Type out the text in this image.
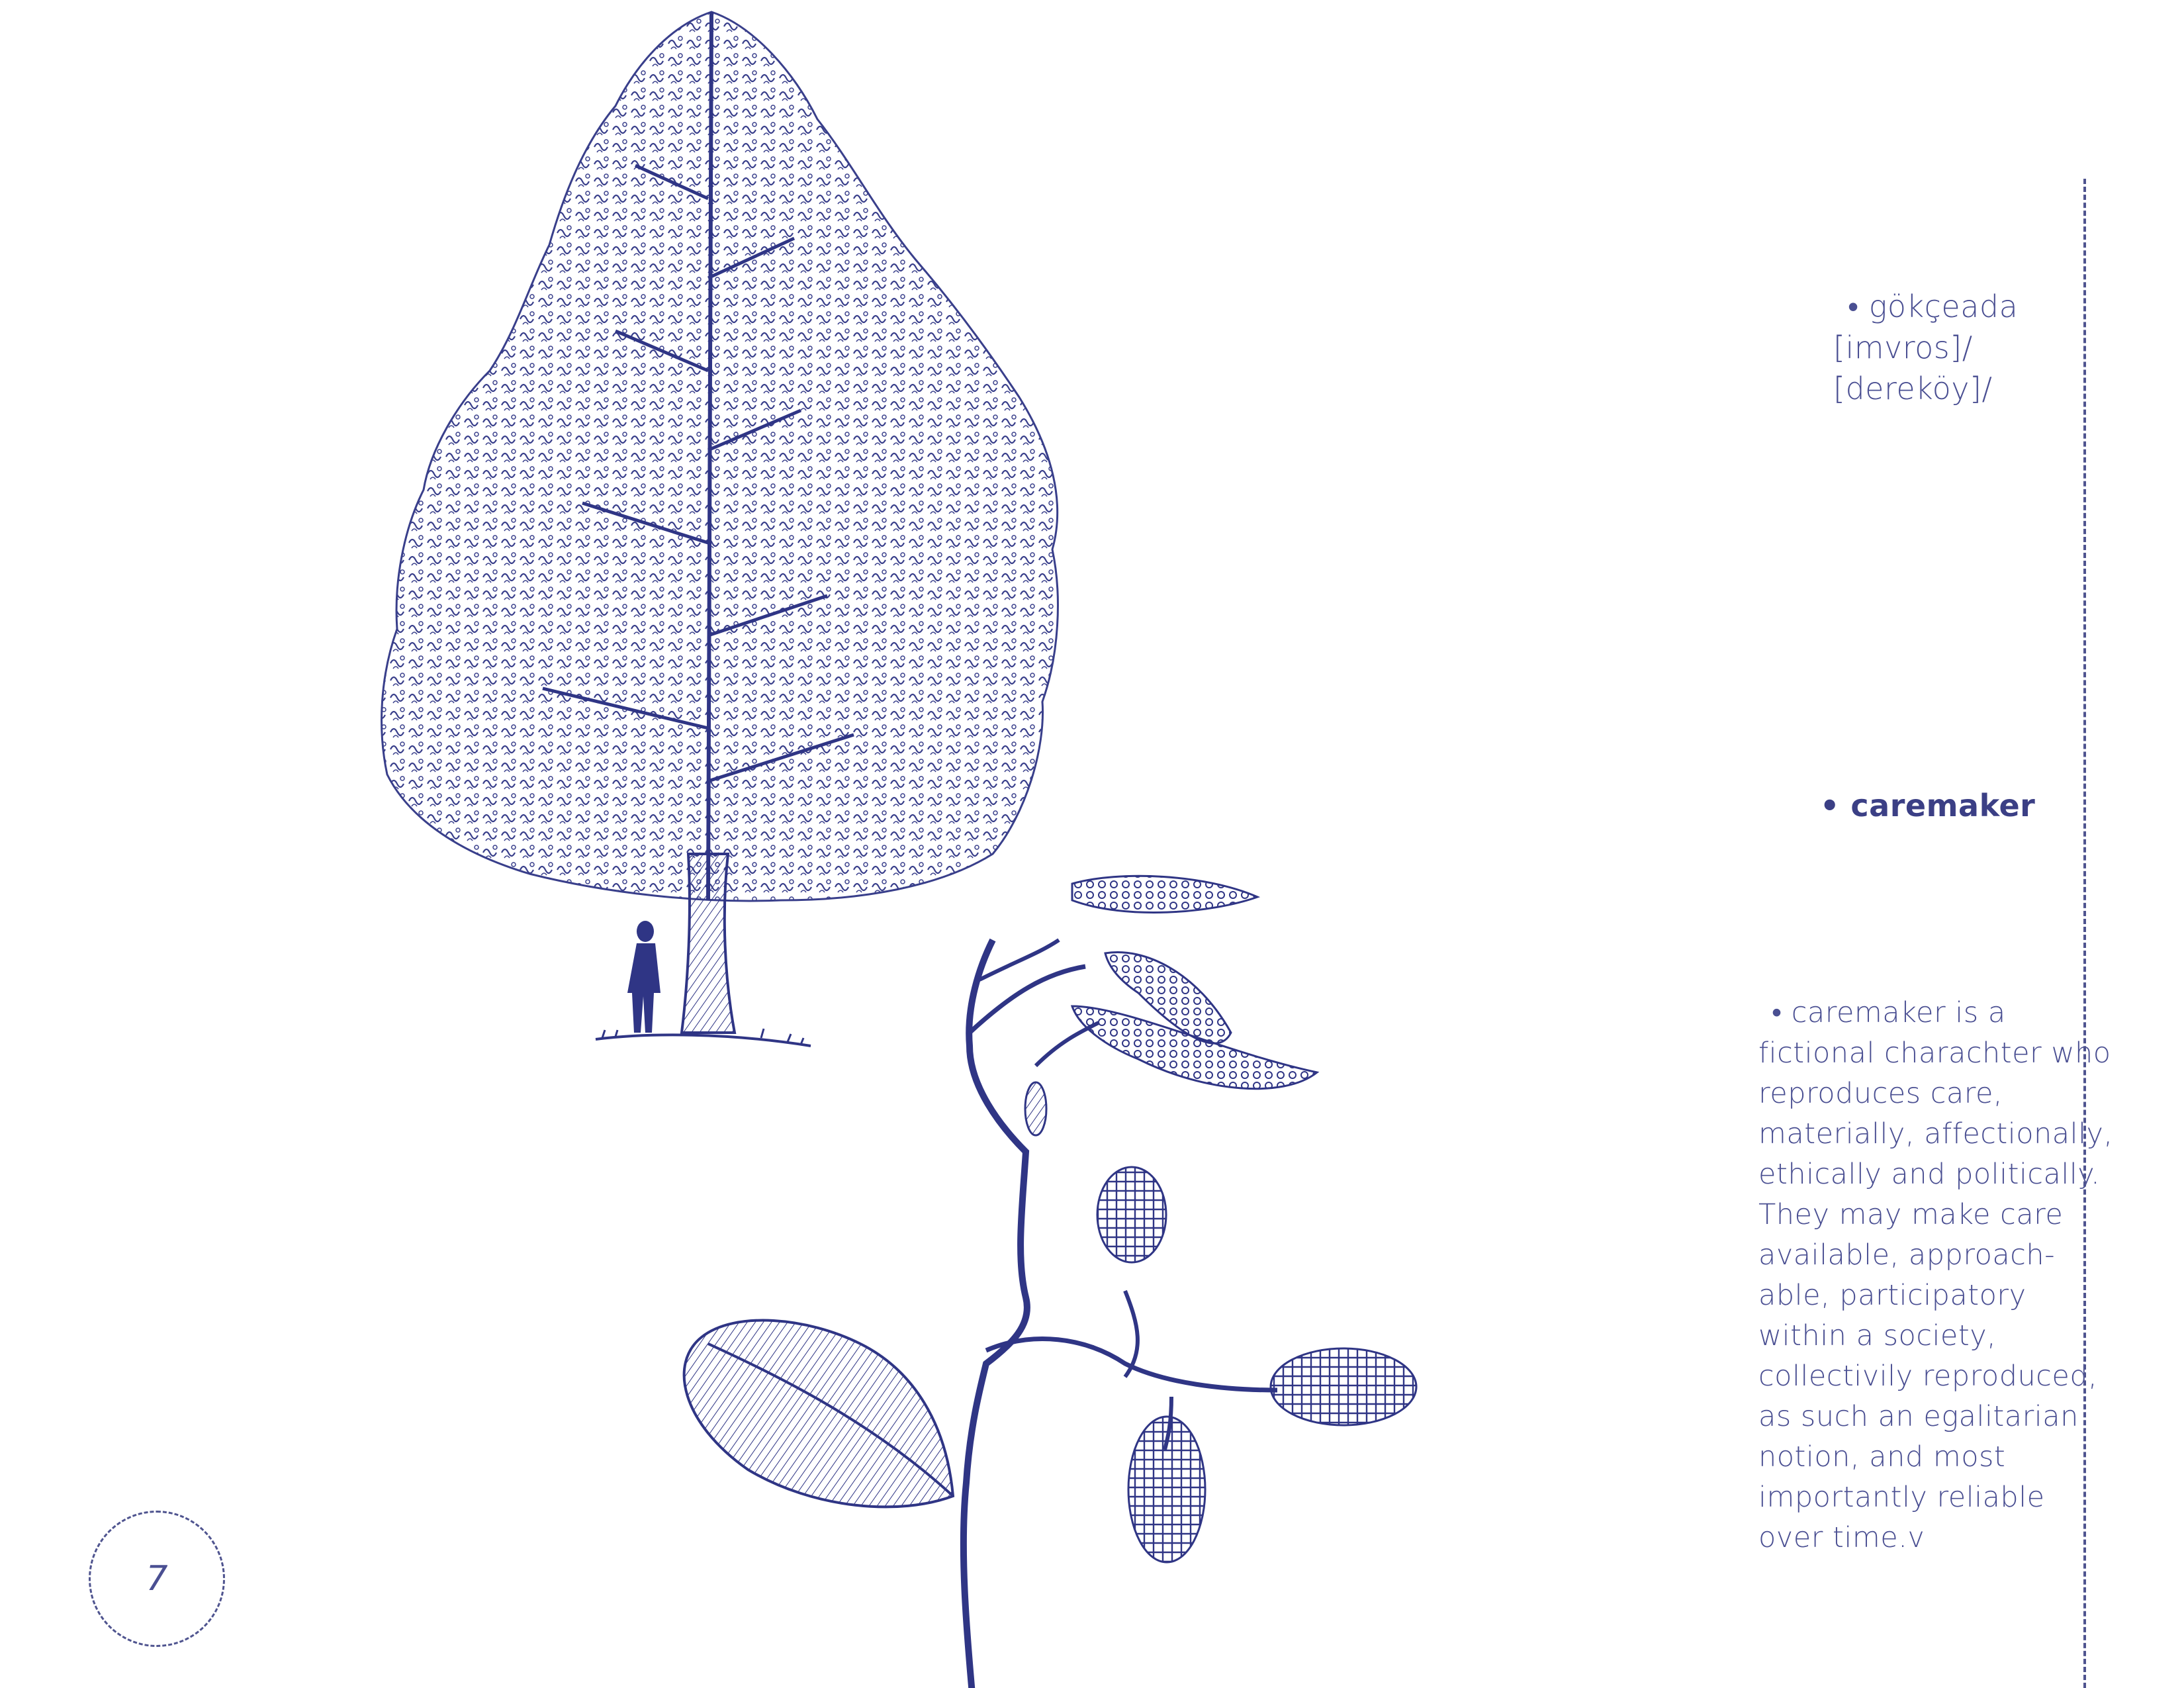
• gökçeada
[imvros]/
[dereköy]/
• caremaker
• caremaker is a
fictional charachter who
reproduces care,
materially, affectionally,
ethically and politically.
They may make care
available, approach-
able, participatory
within a society,
collectivily reproduced,
as such an egalitarian
notion, and most
importantly reliable
over time.v
7
